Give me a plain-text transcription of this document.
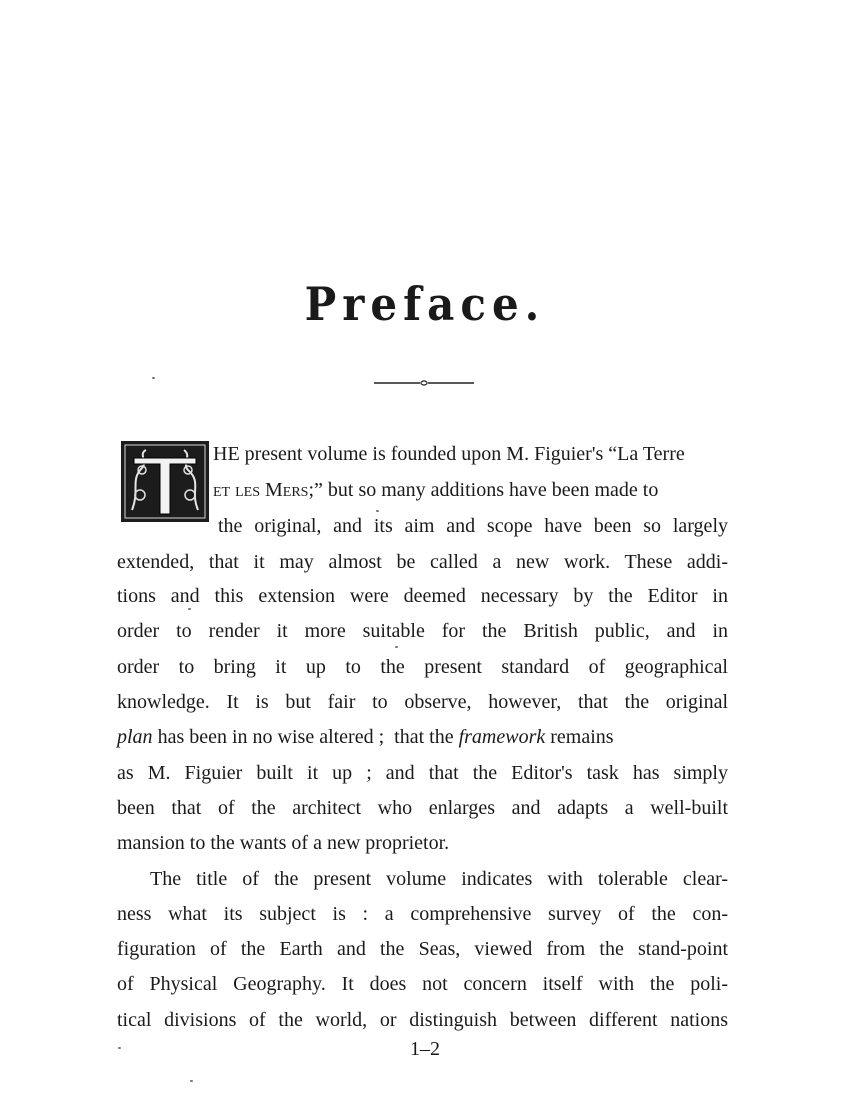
Preface.
HE present volume is founded upon M. Figuier's “La Terre
et les Mers;” but so many additions have been made to
the original, and its aim and scope have been so largely
extended, that it may almost be called a new work. These addi-
tions and this extension were deemed necessary by the Editor in
order to render it more suitable for the British public, and in
order to bring it up to the present standard of geographical
knowledge. It is but fair to observe, however, that the original
plan has been in no wise altered ;  that the framework remains
as M. Figuier built it up ; and that the Editor's task has simply
been that of the architect who enlarges and adapts a well-built
mansion to the wants of a new proprietor.
The title of the present volume indicates with tolerable clear-
ness what its subject is : a comprehensive survey of the con-
figuration of the Earth and the Seas, viewed from the stand-point
of Physical Geography. It does not concern itself with the poli-
tical divisions of the world, or distinguish between different nations
1–2
